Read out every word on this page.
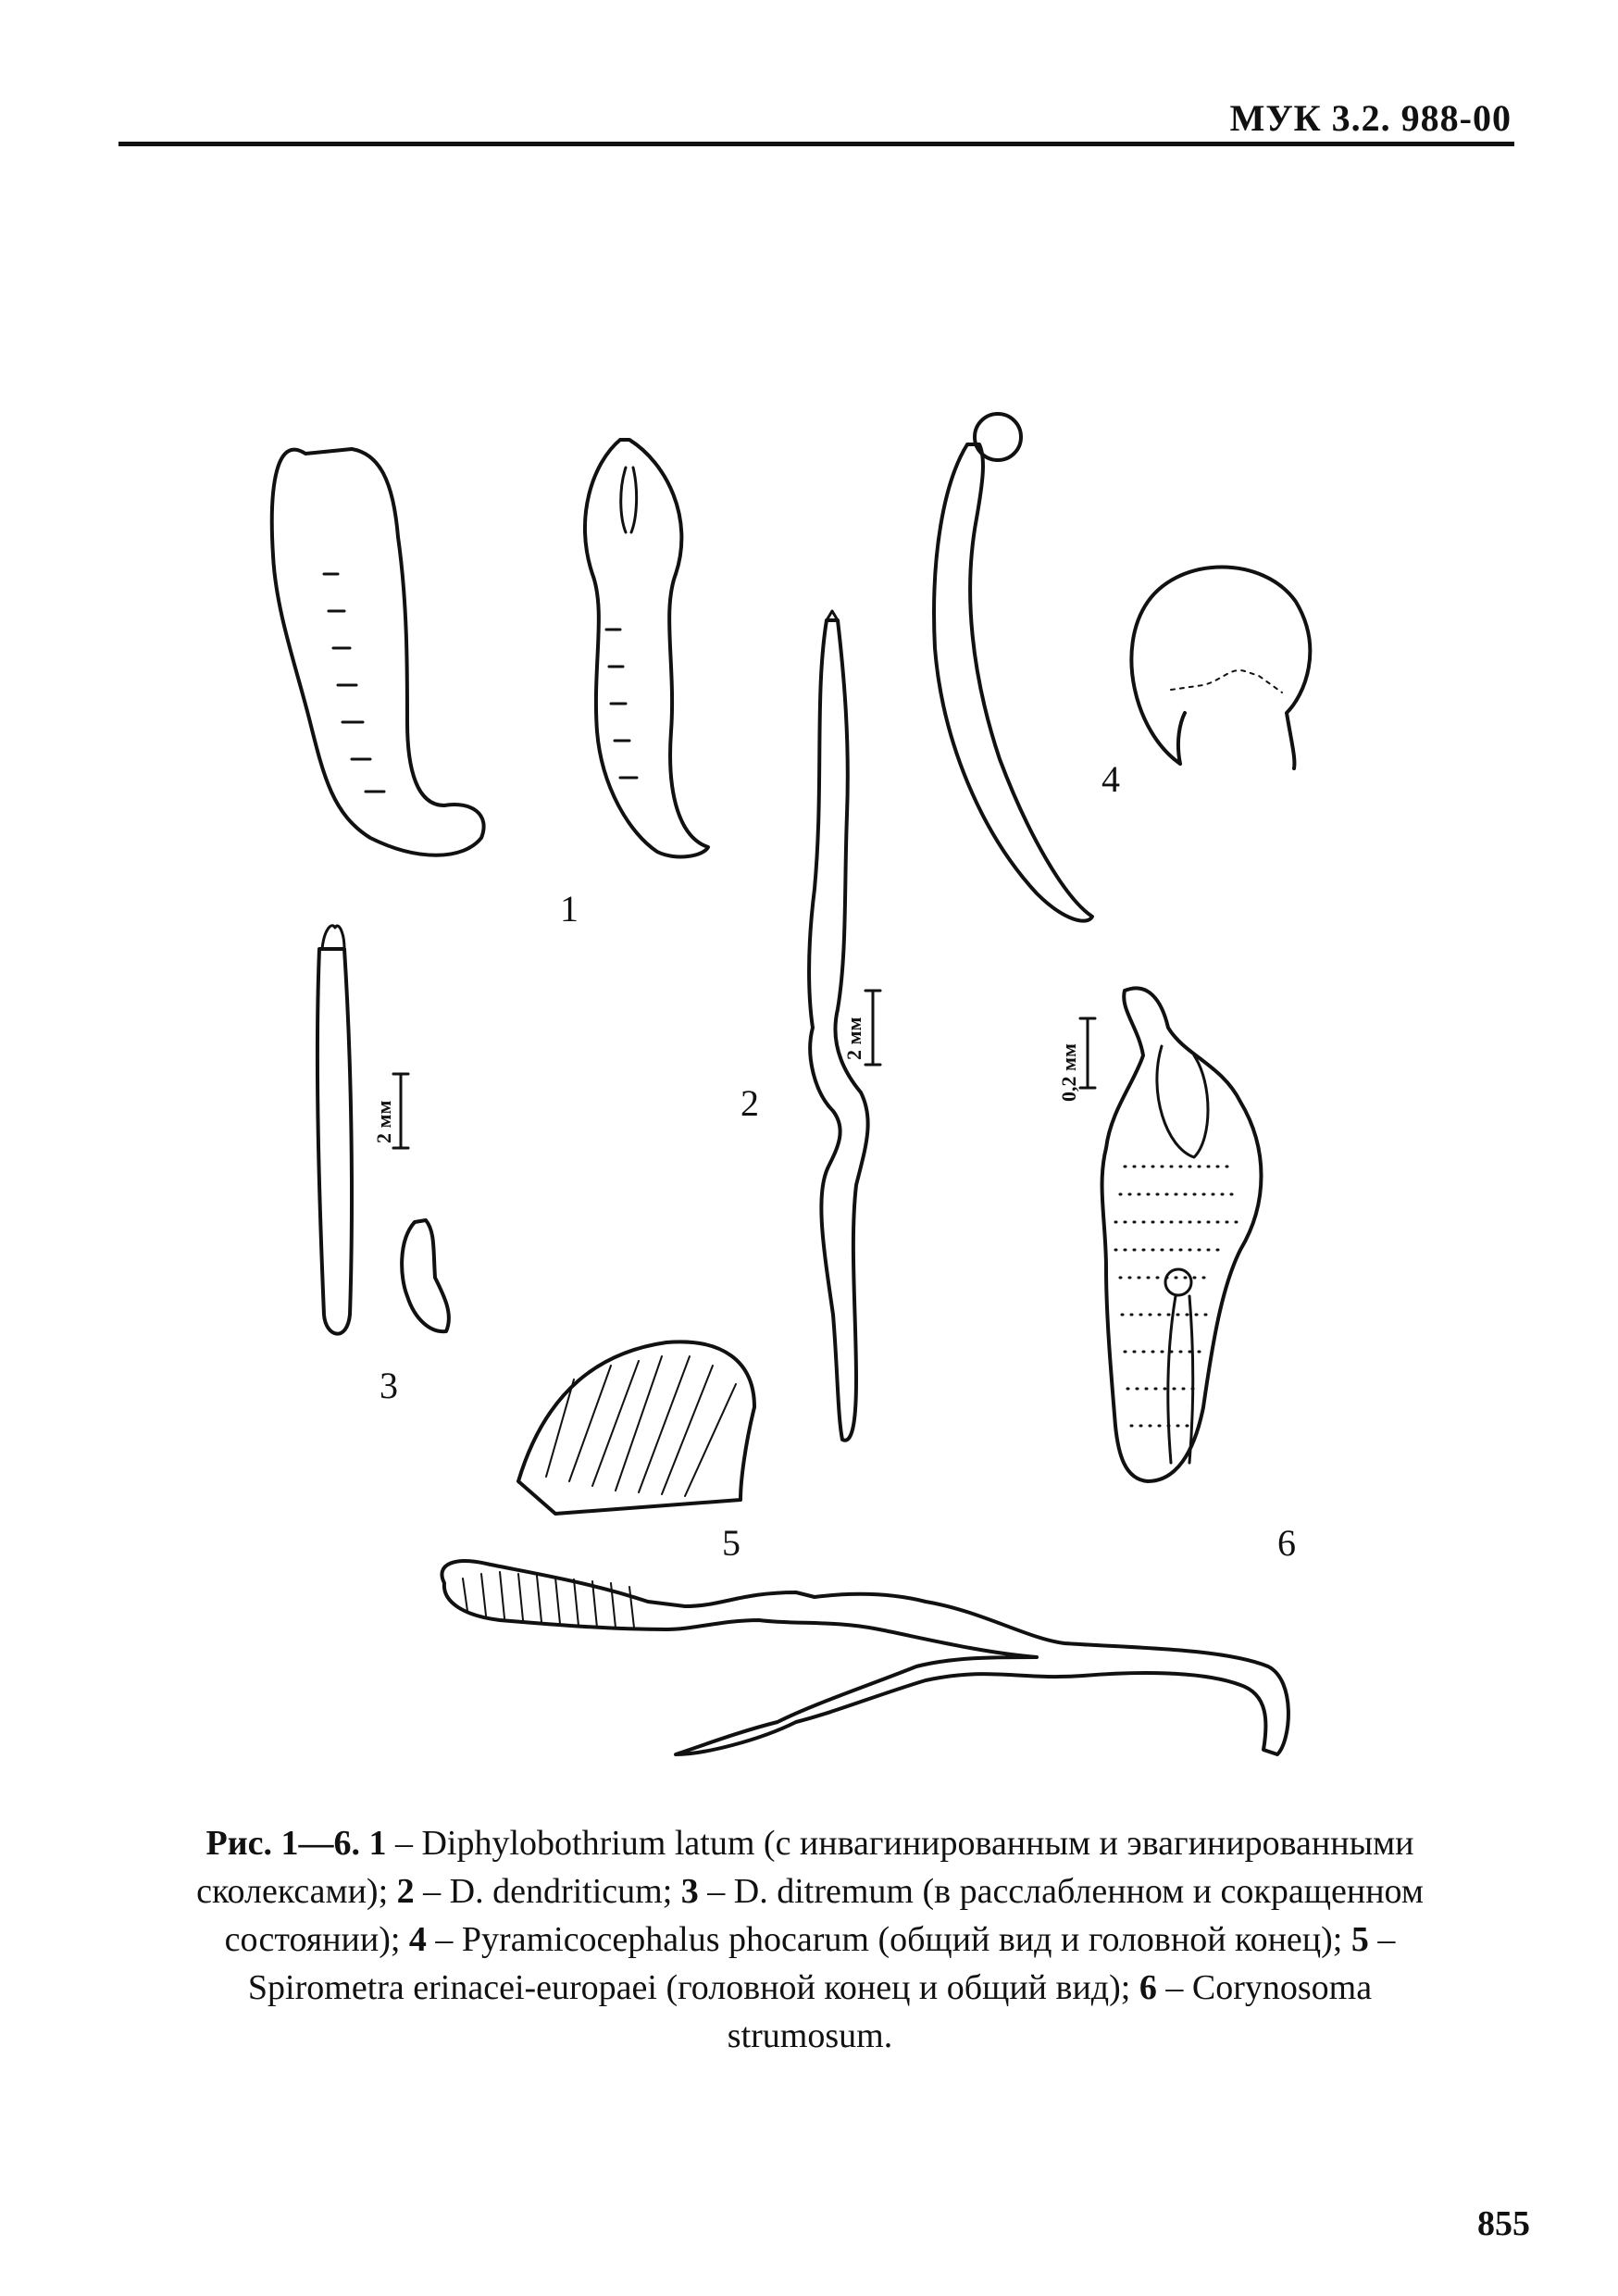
МУК 3.2. 988-00
1
2
3
4
5	6
2 мм
2 мм
0,2 мм
Рис. 1—6. 1 – Diphylobothrium latum (с инвагинированным и эвагинированными сколексами); 2 – D. dendriticum; 3 – D. ditremum (в расслабленном и сокращенном состоянии); 4 – Pyramicocephalus phocarum (общий вид и головной конец); 5 – Spirometra erinacei-europaei (головной конец и общий вид); 6 – Corynosoma strumosum.
855
